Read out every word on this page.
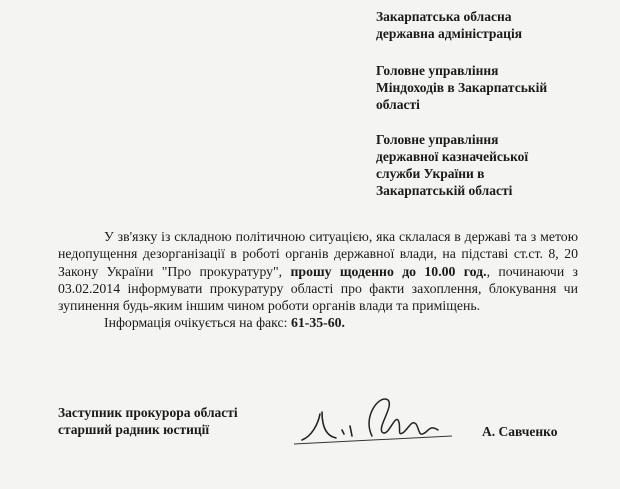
Закарпатська обласна
державна адміністрація
Головне управління
Міндоходів в Закарпатській
області
Головне управління
державної казначейської
служби України в
Закарпатській області

У зв'язку із складною політичною ситуацією, яка склалася в державі та з метою недопущення дезорганізації в роботі органів державної влади, на підставі ст.ст. 8, 20 Закону України "Про прокуратуру", прошу щоденно до 10.00 год., починаючи з 03.02.2014 інформувати прокуратуру області про факти захоплення, блокування чи зупинення будь-яким іншим чином роботи органів влади та приміщень.

Інформація очікується на факс: 61-35-60.

Заступник прокурора області
старший радник юстиції	А. Савченко
